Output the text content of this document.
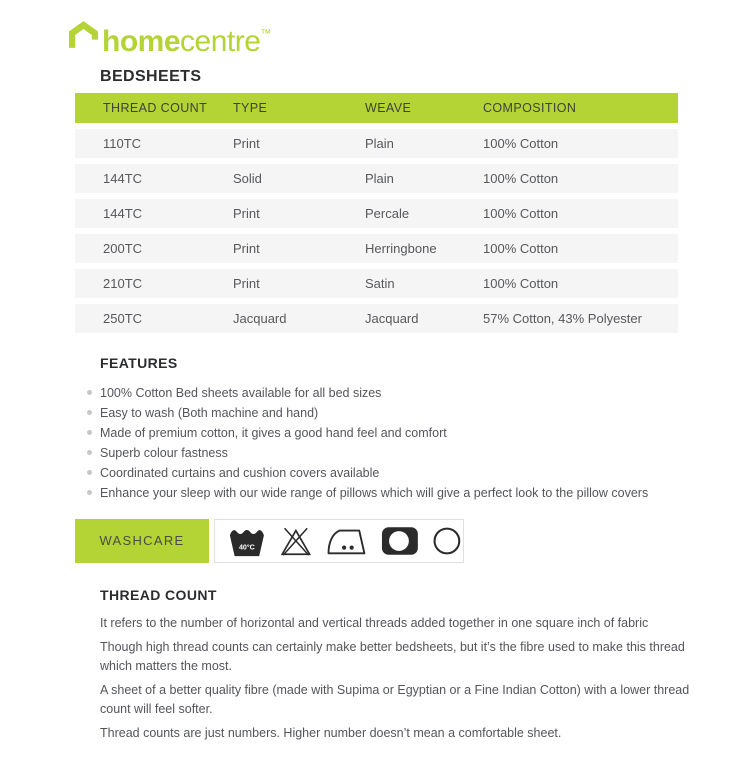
homecentre™
BEDSHEETS
THREAD COUNT	TYPE	WEAVE	COMPOSITION
110TC	Print	Plain	100% Cotton
144TC	Solid	Plain	100% Cotton
144TC	Print	Percale	100% Cotton
200TC	Print	Herringbone	100% Cotton
210TC	Print	Satin	100% Cotton
250TC	Jacquard	Jacquard	57% Cotton, 43% Polyester
FEATURES
100% Cotton Bed sheets available for all bed sizes
Easy to wash (Both machine and hand)
Made of premium cotton, it gives a good hand feel and comfort
Superb colour fastness
Coordinated curtains and cushion covers available
Enhance your sleep with our wide range of pillows which will give a perfect look to the pillow covers
WASHCARE	40°C
THREAD COUNT

It refers to the number of horizontal and vertical threads added together in one square inch of fabric

Though high thread counts can certainly make better bedsheets, but it’s the fibre used to make this thread which matters the most.

A sheet of a better quality fibre (made with Supima or Egyptian or a Fine Indian Cotton) with a lower thread count will feel softer.

Thread counts are just numbers. Higher number doesn’t mean a comfortable sheet.
